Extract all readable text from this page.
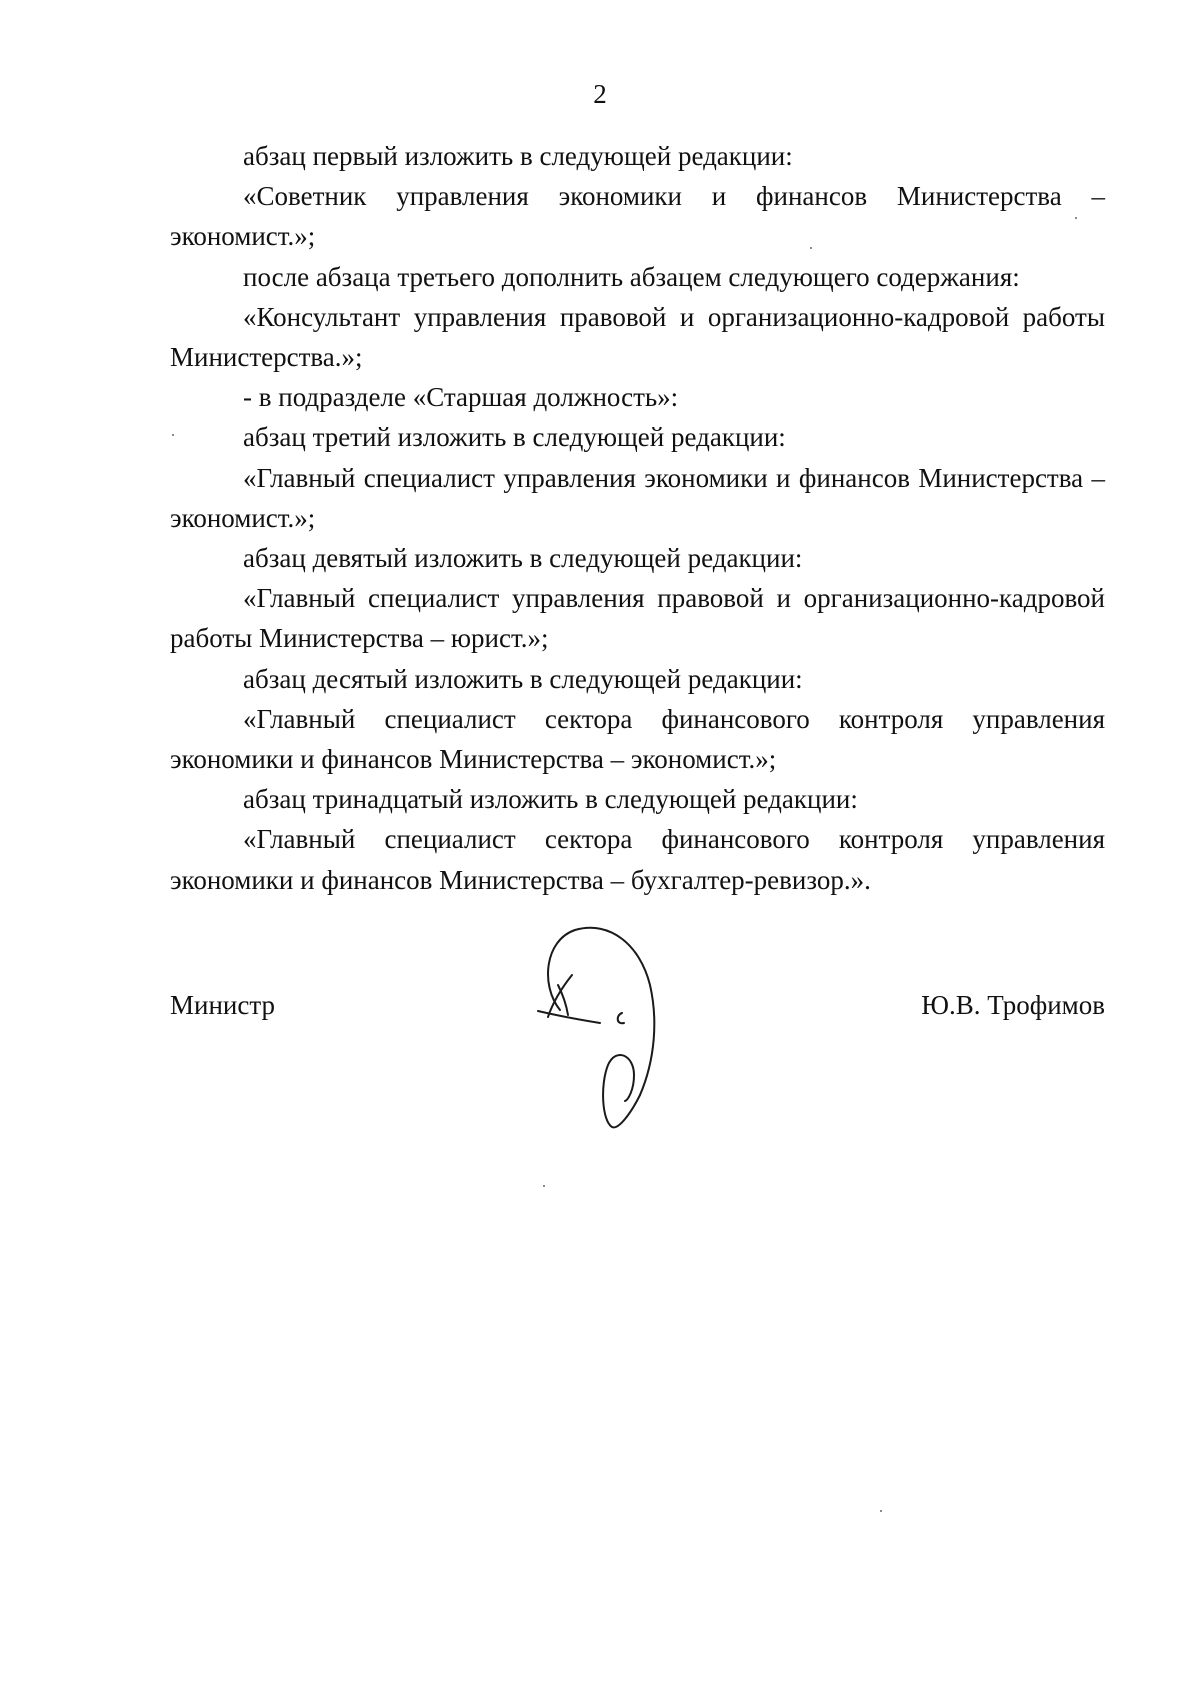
2

абзац первый изложить в следующей редакции:

«Советник управления экономики и финансов Министерства – экономист.»;

после абзаца третьего дополнить абзацем следующего содержания:

«Консультант управления правовой и организационно-кадровой работы Министерства.»;

- в подразделе «Старшая должность»:

абзац третий изложить в следующей редакции:

«Главный специалист управления экономики и финансов Министерства – экономист.»;

абзац девятый изложить в следующей редакции:

«Главный специалист управления правовой и организационно-кадровой работы Министерства – юрист.»;

абзац десятый изложить в следующей редакции:

«Главный специалист сектора финансового контроля управления экономики и финансов Министерства – экономист.»;

абзац тринадцатый изложить в следующей редакции:

«Главный специалист сектора финансового контроля управления экономики и финансов Министерства – бухгалтер-ревизор.».

Министр	Ю.В. Трофимов
